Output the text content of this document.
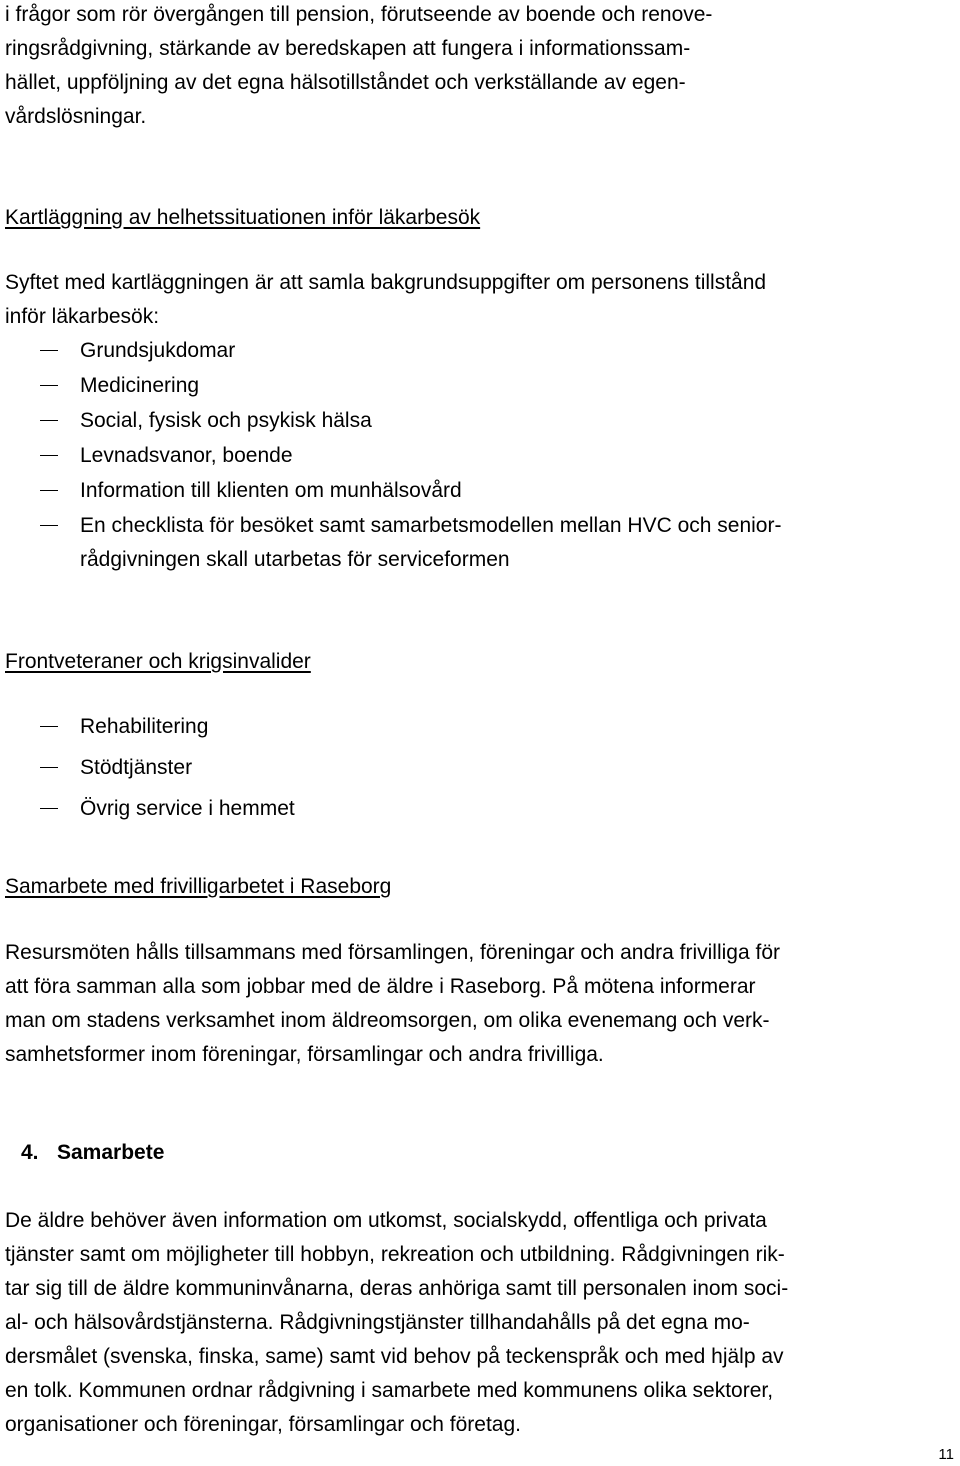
i frågor som rör övergången till pension, förutseende av boende och renove-
ringsrådgivning, stärkande av beredskapen att fungera i informationssam-
hället, uppföljning av det egna hälsotillståndet och verkställande av egen-
vårdslösningar.
Kartläggning av helhetssituationen inför läkarbesök
Syftet med kartläggningen är att samla bakgrundsuppgifter om personens tillstånd
inför läkarbesök:
Grundsjukdomar
Medicinering
Social, fysisk och psykisk hälsa
Levnadsvanor, boende
Information till klienten om munhälsovård
En checklista för besöket samt samarbetsmodellen mellan HVC och senior-
rådgivningen skall utarbetas för serviceformen
Frontveteraner och krigsinvalider
Rehabilitering
Stödtjänster
Övrig service i hemmet
Samarbete med frivilligarbetet i Raseborg
Resursmöten hålls tillsammans med församlingen, föreningar och andra frivilliga för
att föra samman alla som jobbar med de äldre i Raseborg. På mötena informerar
man om stadens verksamhet inom äldreomsorgen, om olika evenemang och verk-
samhetsformer inom föreningar, församlingar och andra frivilliga.
4. Samarbete
De äldre behöver även information om utkomst, socialskydd, offentliga och privata
tjänster samt om möjligheter till hobbyn, rekreation och utbildning. Rådgivningen rik-
tar sig till de äldre kommuninvånarna, deras anhöriga samt till personalen inom soci-
al- och hälsovårdstjänsterna. Rådgivningstjänster tillhandahålls på det egna mo-
dersmålet (svenska, finska, same) samt vid behov på teckenspråk och med hjälp av
en tolk. Kommunen ordnar rådgivning i samarbete med kommunens olika sektorer,
organisationer och föreningar, församlingar och företag.
11
